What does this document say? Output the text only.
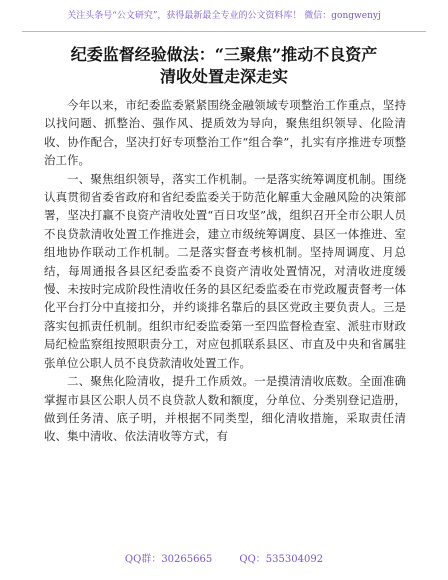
关注头条号“公文研究”，获得最新最全专业的公文资料库！ 微信：gongwenyj
纪委监督经验做法：“三聚焦”推动不良资产
清收处置走深走实

今年以来，市纪委监委紧紧围绕金融领域专项整治工作重点，坚持以找问题、抓整治、强作风、提质效为导向，聚焦组织领导、化险清收、协作配合，坚决打好专项整治工作“组合拳”，扎实有序推进专项整治工作。

一、聚焦组织领导，落实工作机制。一是落实统筹调度机制。围绕认真贯彻省委省政府和省纪委监委关于防范化解重大金融风险的决策部署，坚决打赢不良资产清收处置“百日攻坚”战，组织召开全市公职人员不良贷款清收处置工作推进会，建立市级统筹调度、县区一体推进、室组地协作联动工作机制。二是落实督查考核机制。坚持周调度、月总结，每周通报各县区纪委监委不良资产清收处置情况，对清收进度缓慢、未按时完成阶段性清收任务的县区纪委监委在市党政履责督考一体化平台打分中直接扣分，并约谈排名靠后的县区党政主要负责人。三是落实包抓责任机制。组织市纪委监委第一至四监督检查室、派驻市财政局纪检监察组按照职责分工，对应包抓联系县区、市直及中央和省属驻张单位公职人员不良贷款清收处置工作。

二、聚焦化险清收，提升工作质效。一是摸清清收底数。全面准确掌握市县区公职人员不良贷款人数和额度，分单位、分类别登记造册，做到任务清、底子明，并根据不同类型，细化清收措施，采取责任清收、集中清收、依法清收等方式，有

QQ群：30265665	QQ：535304092
